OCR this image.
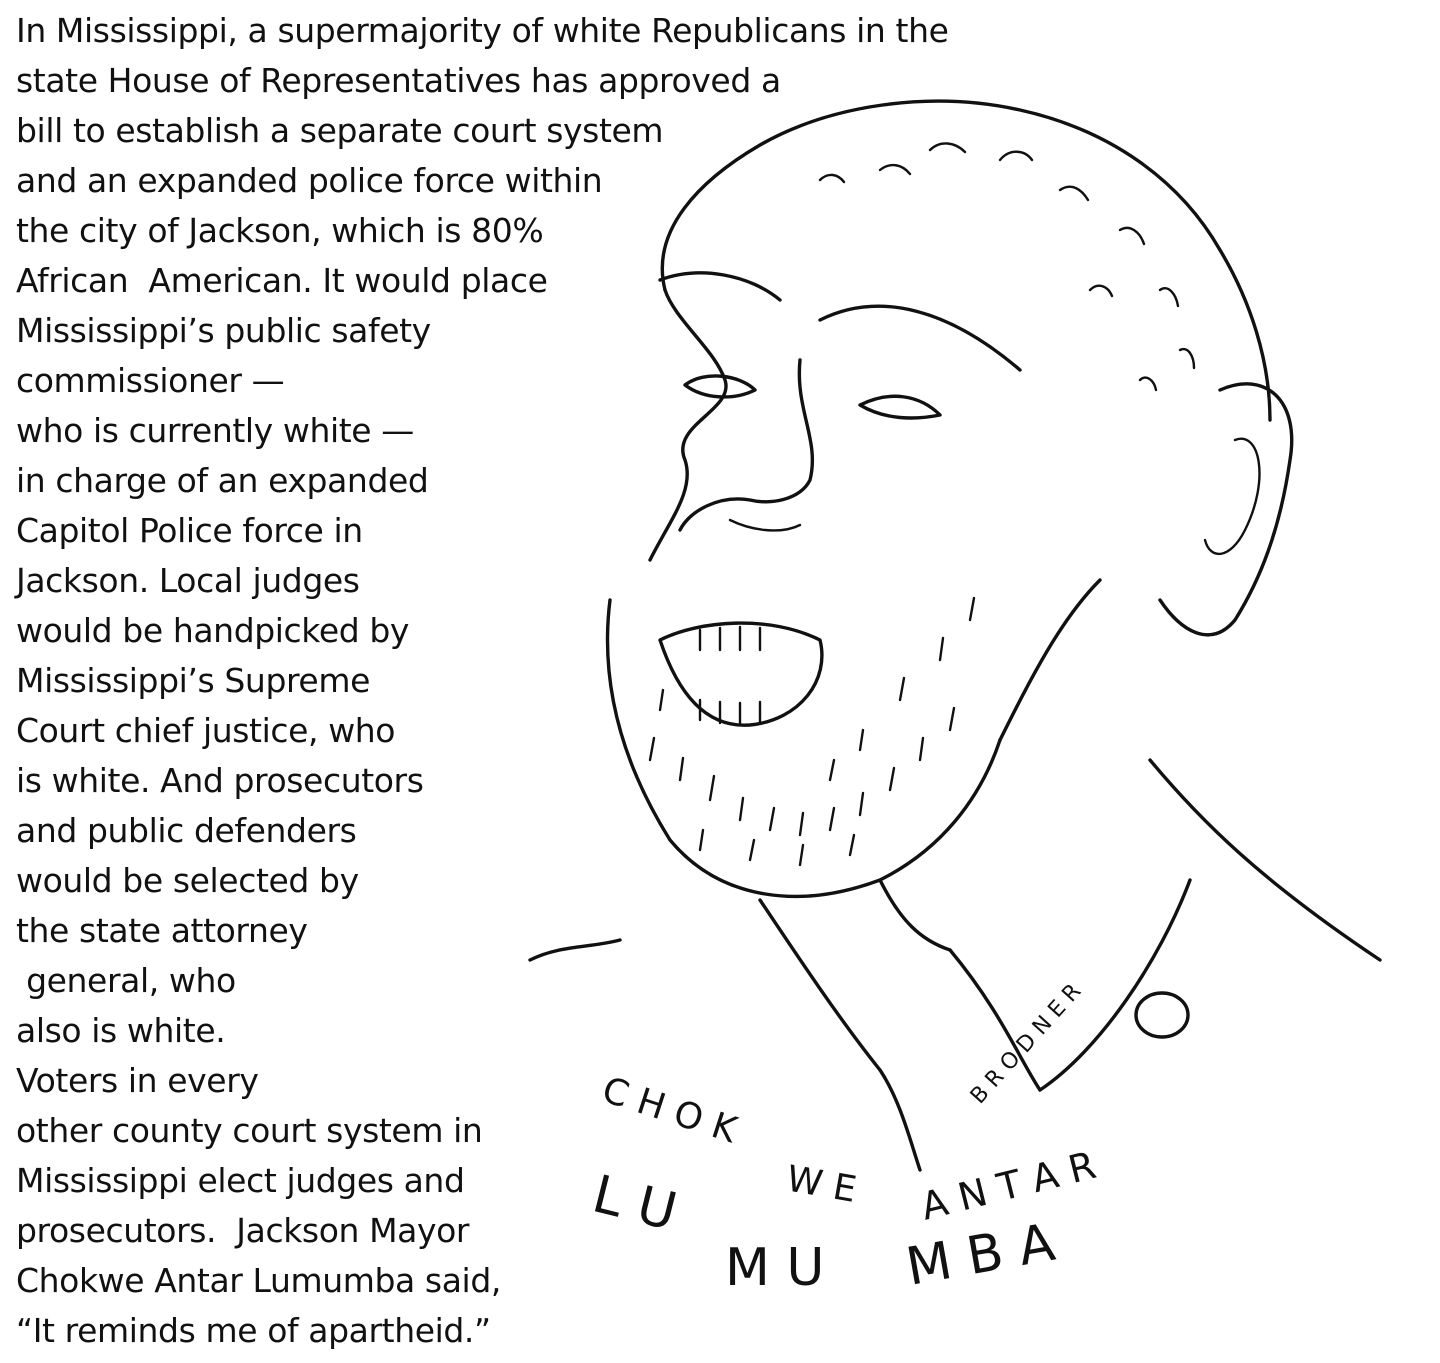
In Mississippi, a supermajority of white Republicans in the
state House of Representatives has approved a
bill to establish a separate court system
and an expanded police force within
the city of Jackson, which is 80%
African  American. It would place
Mississippi’s public safety
commissioner —
who is currently white —
in charge of an expanded
Capitol Police force in
Jackson. Local judges
would be handpicked by
Mississippi’s Supreme
Court chief justice, who
is white. And prosecutors
and public defenders
would be selected by
the state attorney
general, who
also is white.
Voters in every
other county court system in
Mississippi elect judges and
prosecutors.  Jackson Mayor
Chokwe Antar Lumumba said,
“It reminds me of apartheid.”
C H O K
W E A N T A R
L U
M U M B A
B R O D N E R
